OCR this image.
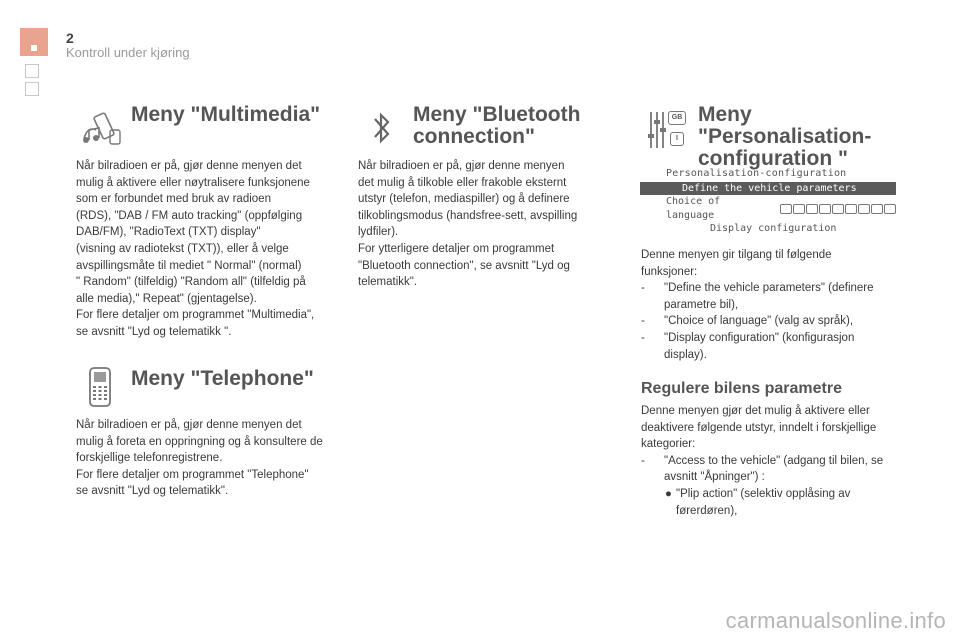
2
Kontroll under kjøring
Meny "Multimedia"

Når bilradioen er på, gjør denne menyen det

mulig å aktivere eller nøytralisere funksjonene

som er forbundet med bruk av radioen

(RDS), "DAB / FM auto tracking" (oppfølging

DAB/FM), "RadioText (TXT) display"

(visning av radiotekst (TXT)), eller å velge

avspillingsmåte til mediet " Normal" (normal)

" Random" (tilfeldig) "Random all" (tilfeldig på

alle media)," Repeat" (gjentagelse).

For flere detaljer om programmet "Multimedia",

se avsnitt "Lyd og telematikk ".

Meny "Telephone"

Når bilradioen er på, gjør denne menyen det

mulig å foreta en oppringning og å konsultere de

forskjellige telefonregistrene.

For flere detaljer om programmet "Telephone"

se avsnitt "Lyd og telematikk".

Meny "Bluetooth
connection"

Når bilradioen er på, gjør denne menyen

det mulig å tilkoble eller frakoble eksternt

utstyr (telefon, mediaspiller) og å definere

tilkoblingsmodus (handsfree-sett, avspilling

lydfiler).

For ytterligere detaljer om programmet

"Bluetooth connection", se avsnitt "Lyd og

telematikk".

GB
I
Meny
"Personalisation-
configuration "
Personalisation-configuration
Define the vehicle parameters
Choice of language
Display configuration

Denne menyen gir tilgang til følgende

funksjoner:

- "Define the vehicle parameters" (definere
parametre bil),
- "Choice of language" (valg av språk),
- "Display configuration" (konfigurasjon
display).
Regulere bilens parametre

Denne menyen gjør det mulig å aktivere eller

deaktivere følgende utstyr, inndelt i forskjellige

kategorier:

- "Access to the vehicle" (adgang til bilen, se
avsnitt "Åpninger") :
● "Plip action" (selektiv opplåsing av
førerdøren),
carmanualsonline.info
